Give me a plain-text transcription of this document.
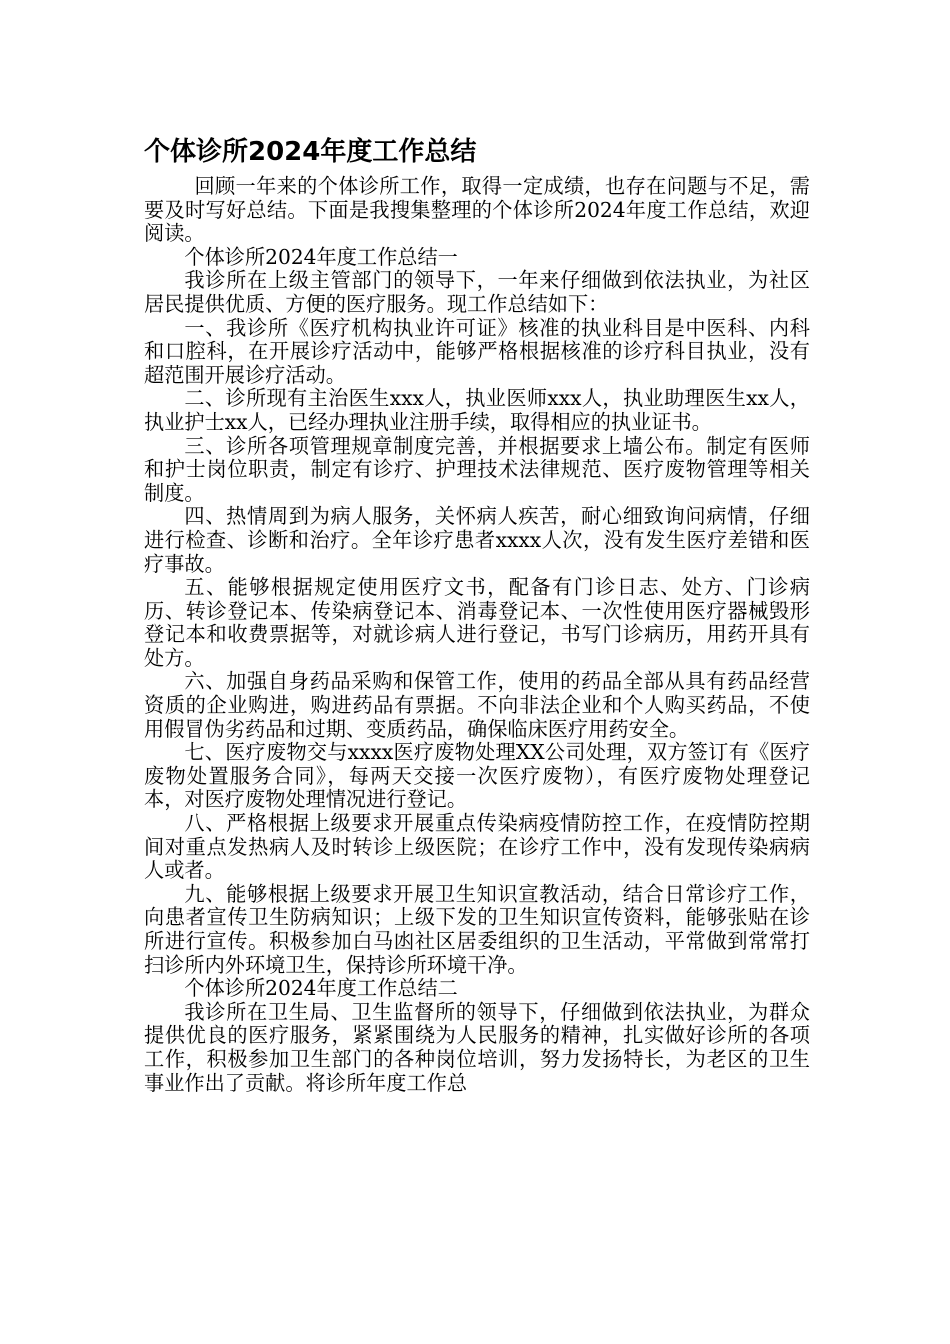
个体诊所2024年度工作总结

回顾一年来的个体诊所工作，取得一定成绩，也存在问题与不足，需要及时写好总结。下面是我搜集整理的个体诊所2024年度工作总结，欢迎阅读。

个体诊所2024年度工作总结一

我诊所在上级主管部门的领导下，一年来仔细做到依法执业，为社区居民提供优质、方便的医疗服务。现工作总结如下：

一、我诊所《医疗机构执业许可证》核准的执业科目是中医科、内科和口腔科，在开展诊疗活动中，能够严格根据核准的诊疗科目执业，没有超范围开展诊疗活动。

二、诊所现有主治医生xxx人，执业医师xxx人，执业助理医生xx人，执业护士xx人，已经办理执业注册手续，取得相应的执业证书。

三、诊所各项管理规章制度完善，并根据要求上墙公布。制定有医师和护士岗位职责，制定有诊疗、护理技术法律规范、医疗废物管理等相关制度。

四、热情周到为病人服务，关怀病人疾苦，耐心细致询问病情，仔细进行检查、诊断和治疗。全年诊疗患者xxxx人次，没有发生医疗差错和医疗事故。

五、能够根据规定使用医疗文书，配备有门诊日志、处方、门诊病历、转诊登记本、传染病登记本、消毒登记本、一次性使用医疗器械毁形登记本和收费票据等，对就诊病人进行登记，书写门诊病历，用药开具有处方。

六、加强自身药品采购和保管工作，使用的药品全部从具有药品经营资质的企业购进，购进药品有票据。不向非法企业和个人购买药品，不使用假冒伪劣药品和过期、变质药品，确保临床医疗用药安全。

七、医疗废物交与xxxx医疗废物处理XX公司处理，双方签订有《医疗废物处置服务合同》，每两天交接一次医疗废物），有医疗废物处理登记本，对医疗废物处理情况进行登记。

八、严格根据上级要求开展重点传染病疫情防控工作，在疫情防控期间对重点发热病人及时转诊上级医院；在诊疗工作中，没有发现传染病病人或者。

九、能够根据上级要求开展卫生知识宣教活动，结合日常诊疗工作，向患者宣传卫生防病知识；上级下发的卫生知识宣传资料，能够张贴在诊所进行宣传。积极参加白马凼社区居委组织的卫生活动，平常做到常常打扫诊所内外环境卫生，保持诊所环境干净。

个体诊所2024年度工作总结二

我诊所在卫生局、卫生监督所的领导下，仔细做到依法执业，为群众提供优良的医疗服务，紧紧围绕为人民服务的精神，扎实做好诊所的各项工作，积极参加卫生部门的各种岗位培训，努力发扬特长，为老区的卫生事业作出了贡献。将诊所年度工作总
